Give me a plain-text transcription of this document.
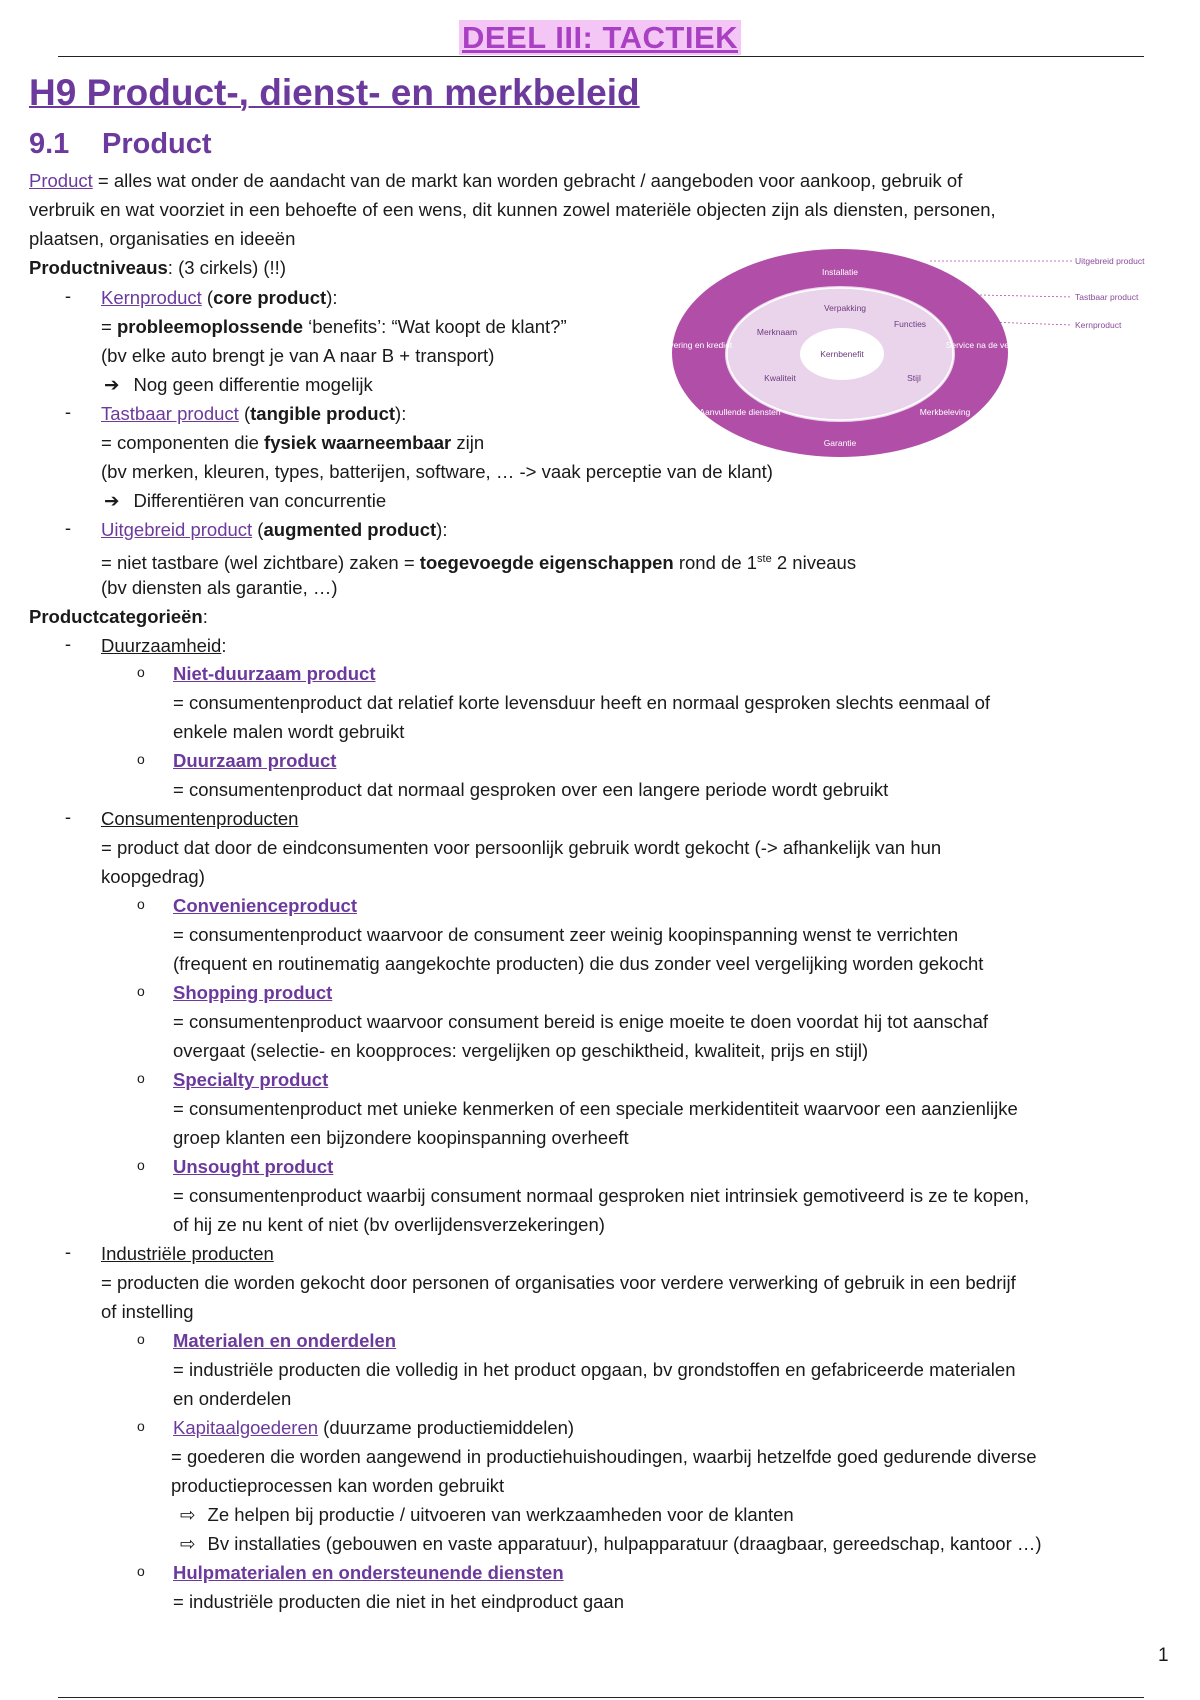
DEEL III: TACTIEK
H9 Product-, dienst- en merkbeleid
9.1 Product
Product = alles wat onder de aandacht van de markt kan worden gebracht / aangeboden voor aankoop, gebruik of
verbruik en wat voorziet in een behoefte of een wens, dit kunnen zowel materiële objecten zijn als diensten, personen,
plaatsen, organisaties en ideeën
Productniveaus: (3 cirkels) (!!)
-	Kernproduct (core product):
= probleemoplossende ‘benefits’: “Wat koopt de klant?”
(bv elke auto brengt je van A naar B + transport)
➔ Nog geen differentie mogelijk
-	Tastbaar product (tangible product):
= componenten die fysiek waarneembaar zijn
(bv merken, kleuren, types, batterijen, software, … -> vaak perceptie van de klant)
➔ Differentiëren van concurrentie
-	Uitgebreid product (augmented product):
= niet tastbare (wel zichtbare) zaken = toegevoegde eigenschappen rond de 1ste 2 niveaus
(bv diensten als garantie, …)
Installatie
Levering en krediet	Service na de verkoop
Aanvullende diensten	Merkbeleving
Garantie
Verpakking
Merknaam
Functies
Kwaliteit	Stijl
Kernbenefit
Uitgebreid product
Tastbaar product
Kernproduct
Productcategorieën:
-	Duurzaamheid:
o Niet-duurzaam product
= consumentenproduct dat relatief korte levensduur heeft en normaal gesproken slechts eenmaal of
enkele malen wordt gebruikt
o Duurzaam product
= consumentenproduct dat normaal gesproken over een langere periode wordt gebruikt
-	Consumentenproducten
= product dat door de eindconsumenten voor persoonlijk gebruik wordt gekocht (-> afhankelijk van hun
koopgedrag)
o Convenienceproduct
= consumentenproduct waarvoor de consument zeer weinig koopinspanning wenst te verrichten
(frequent en routinematig aangekochte producten) die dus zonder veel vergelijking worden gekocht
o Shopping product
= consumentenproduct waarvoor consument bereid is enige moeite te doen voordat hij tot aanschaf
overgaat (selectie- en koopproces: vergelijken op geschiktheid, kwaliteit, prijs en stijl)
o Specialty product
= consumentenproduct met unieke kenmerken of een speciale merkidentiteit waarvoor een aanzienlijke
groep klanten een bijzondere koopinspanning overheeft
o Unsought product
= consumentenproduct waarbij consument normaal gesproken niet intrinsiek gemotiveerd is ze te kopen,
of hij ze nu kent of niet (bv overlijdensverzekeringen)
-	Industriële producten
= producten die worden gekocht door personen of organisaties voor verdere verwerking of gebruik in een bedrijf
of instelling
o Materialen en onderdelen
= industriële producten die volledig in het product opgaan, bv grondstoffen en gefabriceerde materialen
en onderdelen
o Kapitaalgoederen (duurzame productiemiddelen)
= goederen die worden aangewend in productiehuishoudingen, waarbij hetzelfde goed gedurende diverse
productieprocessen kan worden gebruikt
⇨ Ze helpen bij productie / uitvoeren van werkzaamheden voor de klanten
⇨ Bv installaties (gebouwen en vaste apparatuur), hulpapparatuur (draagbaar, gereedschap, kantoor …)
o Hulpmaterialen en ondersteunende diensten
= industriële producten die niet in het eindproduct gaan
1
